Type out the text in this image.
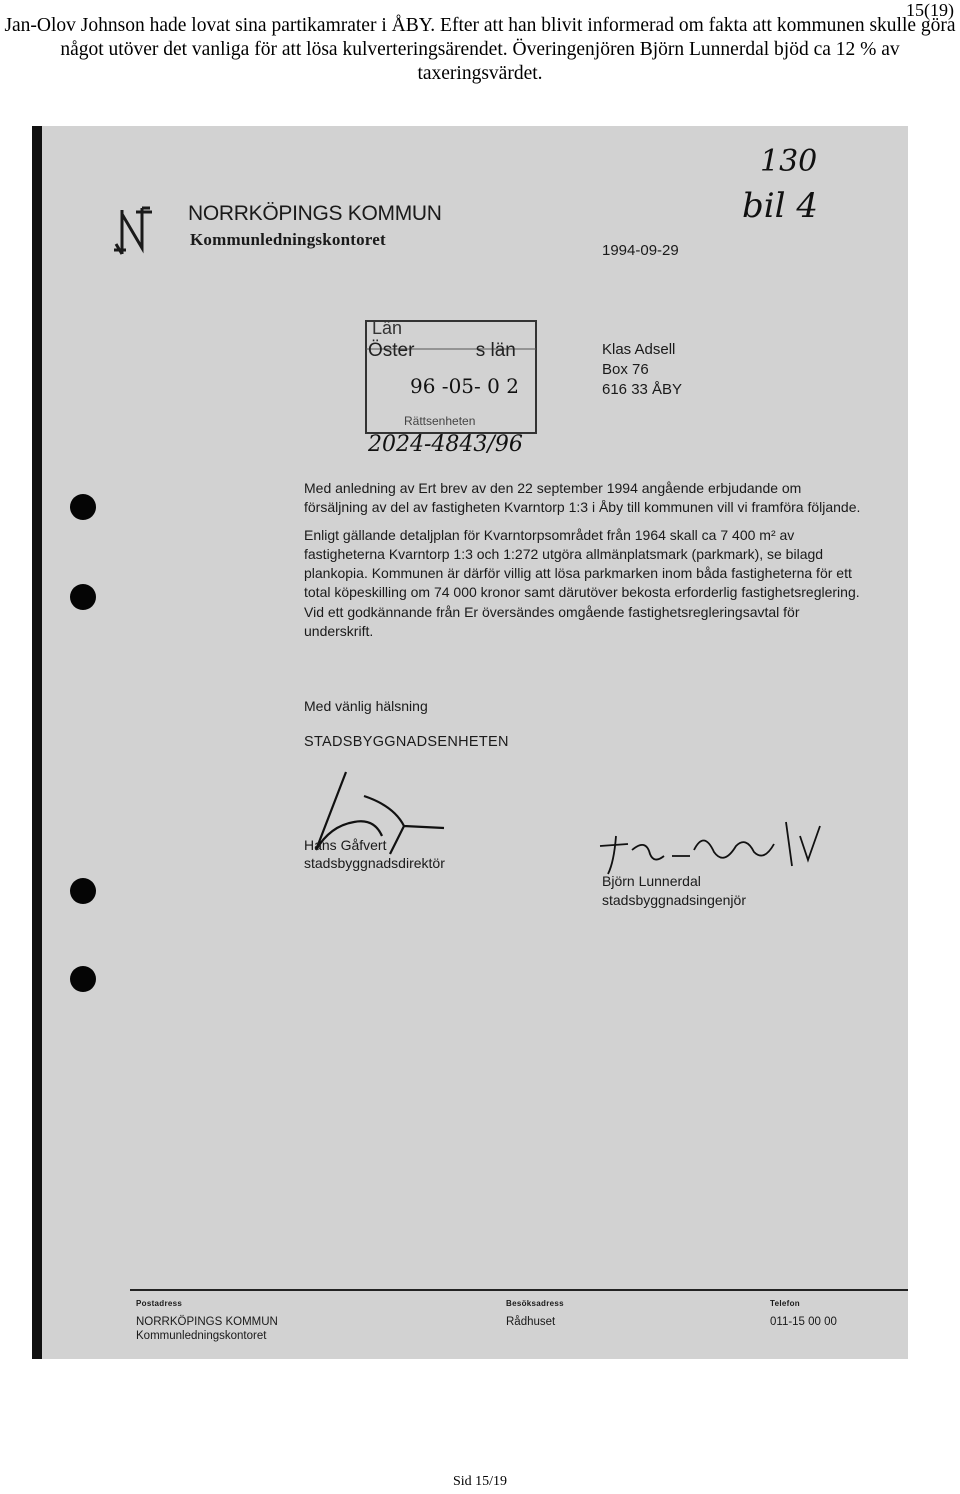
15(19)
Jan-Olov Johnson hade lovat sina partikamrater i ÅBY. Efter att han blivit informerad om fakta att kommunen skulle göra något utöver det vanliga för att lösa kulverteringsärendet. Överingenjören Björn Lunnerdal bjöd ca 12 % av taxeringsvärdet.
NORRKÖPINGS KOMMUN
Kommunledningskontoret
130
bil 4
1994-09-29
Län
Öster	s län
96 -05- 0 2
Rättsenheten
2024-4843/96
Klas Adsell
Box 76
616 33 ÅBY

Med anledning av Ert brev av den 22 september 1994 angående erbjudande om försäljning av del av fastigheten Kvarntorp 1:3 i Åby till kommunen vill vi framföra följande.

Enligt gällande detaljplan för Kvarntorpsområdet från 1964 skall ca 7 400 m² av fastigheterna Kvarntorp 1:3 och 1:272 utgöra allmänplatsmark (parkmark), se bilagd plankopia. Kommunen är därför villig att lösa parkmarken inom båda fastigheterna för ett total köpeskilling om 74 000 kronor samt därutöver bekosta erforderlig fastighetsreglering. Vid ett godkännande från Er översändes omgående fastighetsregleringsavtal för underskrift.

Med vänlig hälsning
STADSBYGGNADSENHETEN
Hans Gåfvert
stadsbyggnadsdirektör
Björn Lunnerdal
stadsbyggnadsingenjör
Postadress
NORRKÖPINGS KOMMUN
Kommunledningskontoret
Besöksadress
Rådhuset
Telefon
011-15 00 00
Sid 15/19
